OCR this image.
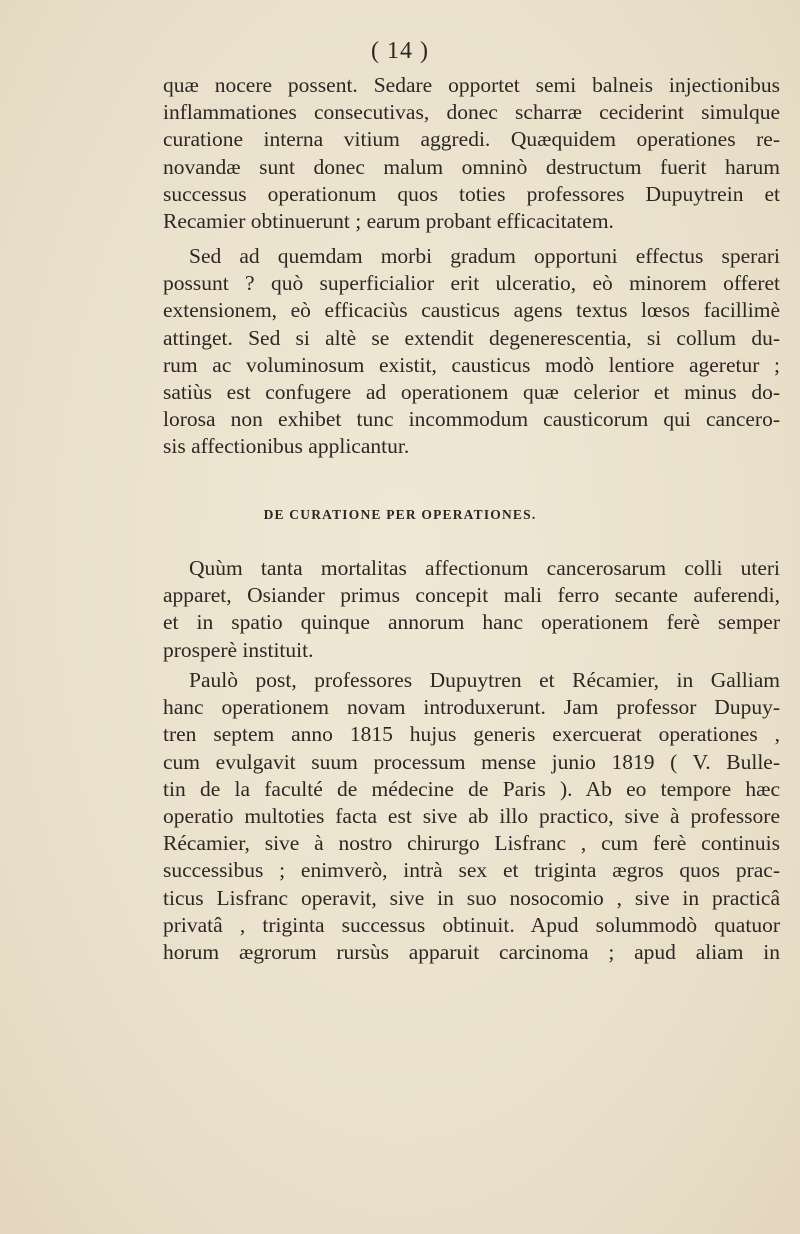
( 14 )
quæ nocere possent. Sedare opportet semi balneis injectionibus
inflammationes consecutivas, donec scharræ ceciderint simulque
curatione interna vitium aggredi. Quæquidem operationes re-
novandæ sunt donec malum omninò destructum fuerit harum
successus operationum quos toties professores Dupuytrein et
Recamier obtinuerunt ; earum probant efficacitatem.
Sed ad quemdam morbi gradum opportuni effectus sperari
possunt ? quò superficialior erit ulceratio, eò minorem offeret
extensionem, eò efficaciùs causticus agens textus lœsos facillimè
attinget. Sed si altè se extendit degenerescentia, si collum du-
rum ac voluminosum existit, causticus modò lentiore ageretur ;
satiùs est confugere ad operationem quæ celerior et minus do-
lorosa non exhibet tunc incommodum causticorum qui cancero-
sis affectionibus applicantur.
DE CURATIONE PER OPERATIONES.
Quùm tanta mortalitas affectionum cancerosarum colli uteri
apparet, Osiander primus concepit mali ferro secante auferendi,
et in spatio quinque annorum hanc operationem ferè semper
prosperè instituit.
Paulò post, professores Dupuytren et Récamier, in Galliam
hanc operationem novam introduxerunt. Jam professor Dupuy-
tren septem anno 1815 hujus generis exercuerat operationes ,
cum evulgavit suum processum mense junio 1819 ( V. Bulle-
tin de la faculté de médecine de Paris ). Ab eo tempore hæc
operatio multoties facta est sive ab illo practico, sive à professore
Récamier, sive à nostro chirurgo Lisfranc , cum ferè continuis
successibus ; enimverò, intrà sex et triginta ægros quos prac-
ticus Lisfranc operavit, sive in suo nosocomio , sive in practicâ
privatâ , triginta successus obtinuit. Apud solummodò quatuor
horum ægrorum rursùs apparuit carcinoma ; apud aliam in
